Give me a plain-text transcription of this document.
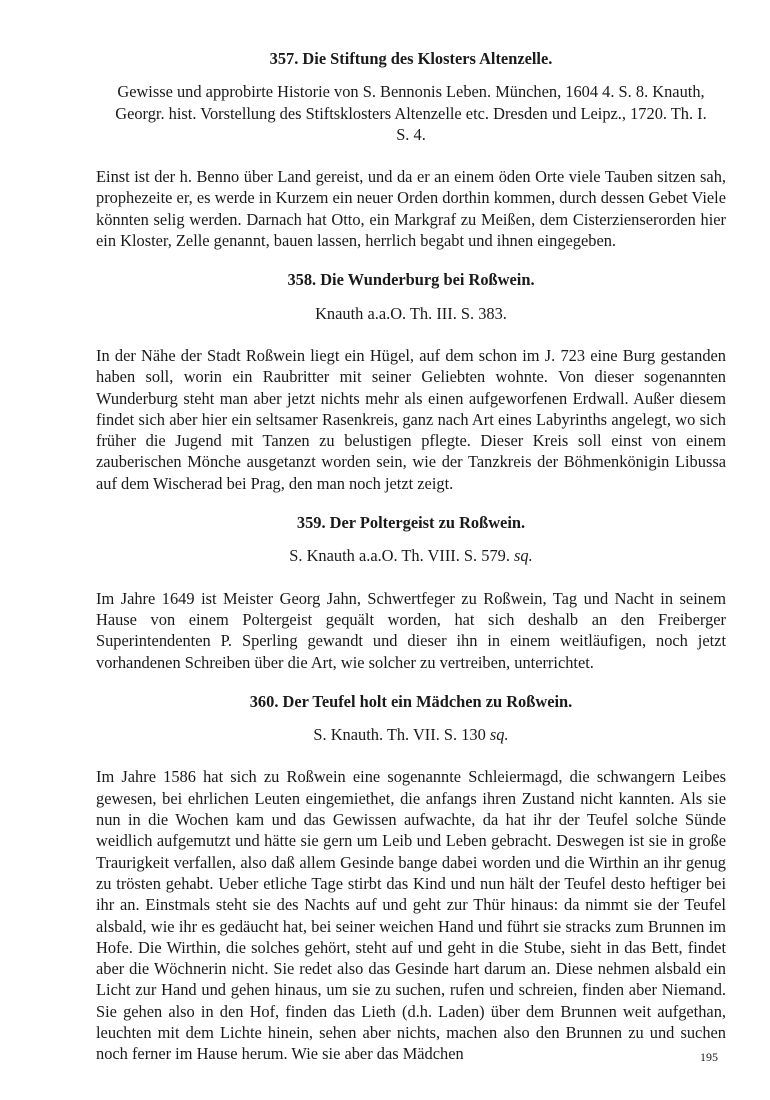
357. Die Stiftung des Klosters Altenzelle.
Gewisse und approbirte Historie von S. Bennonis Leben. München, 1604 4. S. 8. Knauth, Georgr. hist. Vorstellung des Stiftsklosters Altenzelle etc. Dresden und Leipz., 1720. Th. I. S. 4.
Einst ist der h. Benno über Land gereist, und da er an einem öden Orte viele Tauben sitzen sah, prophezeite er, es werde in Kurzem ein neuer Orden dorthin kommen, durch dessen Gebet Viele könnten selig werden. Darnach hat Otto, ein Markgraf zu Meißen, dem Cisterzienserorden hier ein Kloster, Zelle genannt, bauen lassen, herrlich begabt und ihnen eingegeben.
358. Die Wunderburg bei Roßwein.
Knauth a.a.O. Th. III. S. 383.
In der Nähe der Stadt Roßwein liegt ein Hügel, auf dem schon im J. 723 eine Burg gestanden haben soll, worin ein Raubritter mit seiner Geliebten wohnte. Von dieser sogenannten Wunderburg steht man aber jetzt nichts mehr als einen aufgeworfenen Erdwall. Außer diesem findet sich aber hier ein seltsamer Rasenkreis, ganz nach Art eines Labyrinths angelegt, wo sich früher die Jugend mit Tanzen zu belustigen pflegte. Dieser Kreis soll einst von einem zauberischen Mönche ausgetanzt worden sein, wie der Tanzkreis der Böhmenkönigin Libussa auf dem Wischerad bei Prag, den man noch jetzt zeigt.
359. Der Poltergeist zu Roßwein.
S. Knauth a.a.O. Th. VIII. S. 579. sq.
Im Jahre 1649 ist Meister Georg Jahn, Schwertfeger zu Roßwein, Tag und Nacht in seinem Hause von einem Poltergeist gequält worden, hat sich deshalb an den Freiberger Superintendenten P. Sperling gewandt und dieser ihn in einem weitläufigen, noch jetzt vorhandenen Schreiben über die Art, wie solcher zu vertreiben, unterrichtet.
360. Der Teufel holt ein Mädchen zu Roßwein.
S. Knauth. Th. VII. S. 130 sq.
Im Jahre 1586 hat sich zu Roßwein eine sogenannte Schleiermagd, die schwangern Leibes gewesen, bei ehrlichen Leuten eingemiethet, die anfangs ihren Zustand nicht kannten. Als sie nun in die Wochen kam und das Gewissen aufwachte, da hat ihr der Teufel solche Sünde weidlich aufgemutzt und hätte sie gern um Leib und Leben gebracht. Deswegen ist sie in große Traurigkeit verfallen, also daß allem Gesinde bange dabei worden und die Wirthin an ihr genug zu trösten gehabt. Ueber etliche Tage stirbt das Kind und nun hält der Teufel desto heftiger bei ihr an. Einstmals steht sie des Nachts auf und geht zur Thür hinaus: da nimmt sie der Teufel alsbald, wie ihr es gedäucht hat, bei seiner weichen Hand und führt sie stracks zum Brunnen im Hofe. Die Wirthin, die solches gehört, steht auf und geht in die Stube, sieht in das Bett, findet aber die Wöchnerin nicht. Sie redet also das Gesinde hart darum an. Diese nehmen alsbald ein Licht zur Hand und gehen hinaus, um sie zu suchen, rufen und schreien, finden aber Niemand. Sie gehen also in den Hof, finden das Lieth (d.h. Laden) über dem Brunnen weit aufgethan, leuchten mit dem Lichte hinein, sehen aber nichts, machen also den Brunnen zu und suchen noch ferner im Hause herum. Wie sie aber das Mädchen	195
